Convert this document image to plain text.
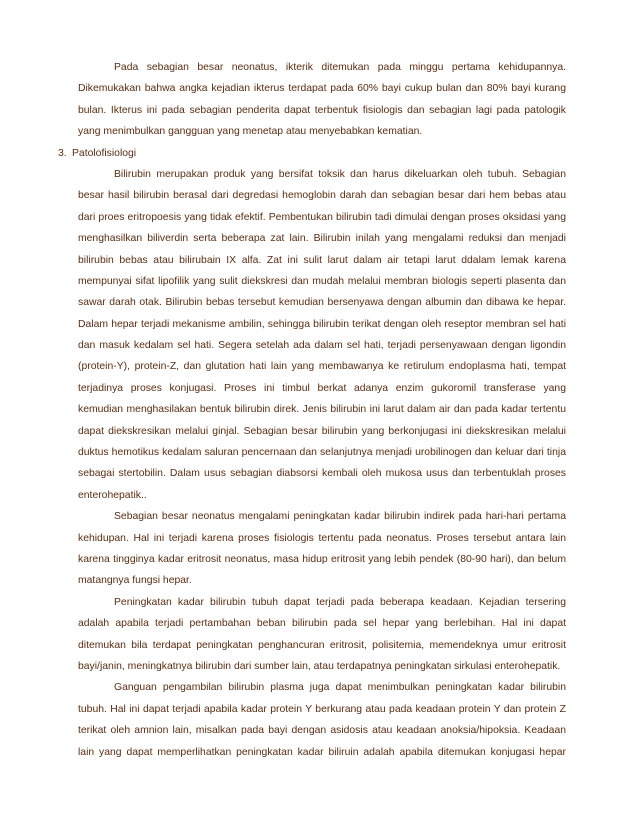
Pada sebagian besar neonatus, ikterik ditemukan pada minggu pertama kehidupannya.
Dikemukakan bahwa angka kejadian ikterus terdapat pada 60% bayi cukup bulan dan 80% bayi kurang
bulan. Ikterus ini pada sebagian penderita dapat terbentuk fisiologis dan sebagian lagi pada patologik
yang menimbulkan gangguan yang menetap atau menyebabkan kematian.
3. Patolofisiologi
Bilirubin merupakan produk yang bersifat toksik dan harus dikeluarkan oleh tubuh. Sebagian
besar hasil bilirubin berasal dari degredasi hemoglobin darah dan sebagian besar dari hem bebas atau
dari proes eritropoesis yang tidak efektif. Pembentukan bilirubin tadi dimulai dengan proses oksidasi yang
menghasilkan biliverdin serta beberapa zat lain. Bilirubin inilah yang mengalami reduksi dan menjadi
bilirubin bebas atau bilirubain IX alfa. Zat ini sulit larut dalam air tetapi larut ddalam lemak karena
mempunyai sifat lipofilik yang sulit diekskresi dan mudah melalui membran biologis seperti plasenta dan
sawar darah otak. Bilirubin bebas tersebut kemudian bersenyawa dengan albumin dan dibawa ke hepar.
Dalam hepar terjadi mekanisme ambilin, sehingga bilirubin terikat dengan oleh reseptor membran sel hati
dan masuk kedalam sel hati. Segera setelah ada dalam sel hati, terjadi persenyawaan dengan ligondin
(protein-Y), protein-Z, dan glutation hati lain yang membawanya ke retirulum endoplasma hati, tempat
terjadinya proses konjugasi. Proses ini timbul berkat adanya enzim gukoromil transferase yang
kemudian menghasilakan bentuk bilirubin direk. Jenis bilirubin ini larut dalam air dan pada kadar tertentu
dapat diekskresikan melalui ginjal. Sebagian besar bilirubin yang berkonjugasi ini diekskresikan melalui
duktus hemotikus kedalam saluran pencernaan dan selanjutnya menjadi urobilinogen dan keluar dari tinja
sebagai stertobilin. Dalam usus sebagian diabsorsi kembali oleh mukosa usus dan terbentuklah proses
enterohepatik..
Sebagian besar neonatus mengalami peningkatan kadar bilirubin indirek pada hari-hari pertama
kehidupan. Hal ini terjadi karena proses fisiologis tertentu pada neonatus. Proses tersebut antara lain
karena tingginya kadar eritrosit neonatus, masa hidup eritrosit yang lebih pendek (80-90 hari), dan belum
matangnya fungsi hepar.
Peningkatan kadar bilirubin tubuh dapat terjadi pada beberapa keadaan. Kejadian tersering
adalah apabila terjadi pertambahan beban bilirubin pada sel hepar yang berlebihan. Hal ini dapat
ditemukan bila terdapat peningkatan penghancuran eritrosit, polisitemia, memendeknya umur eritrosit
bayi/janin, meningkatnya bilirubin dari sumber lain, atau terdapatnya peningkatan sirkulasi enterohepatik.
Ganguan pengambilan bilirubin plasma juga dapat menimbulkan peningkatan kadar bilirubin
tubuh. Hal ini dapat terjadi apabila kadar protein Y berkurang atau pada keadaan protein Y dan protein Z
terikat oleh amnion lain, misalkan pada bayi dengan asidosis atau keadaan anoksia/hipoksia. Keadaan
lain yang dapat memperlihatkan peningkatan kadar biliruin adalah apabila ditemukan konjugasi hepar
